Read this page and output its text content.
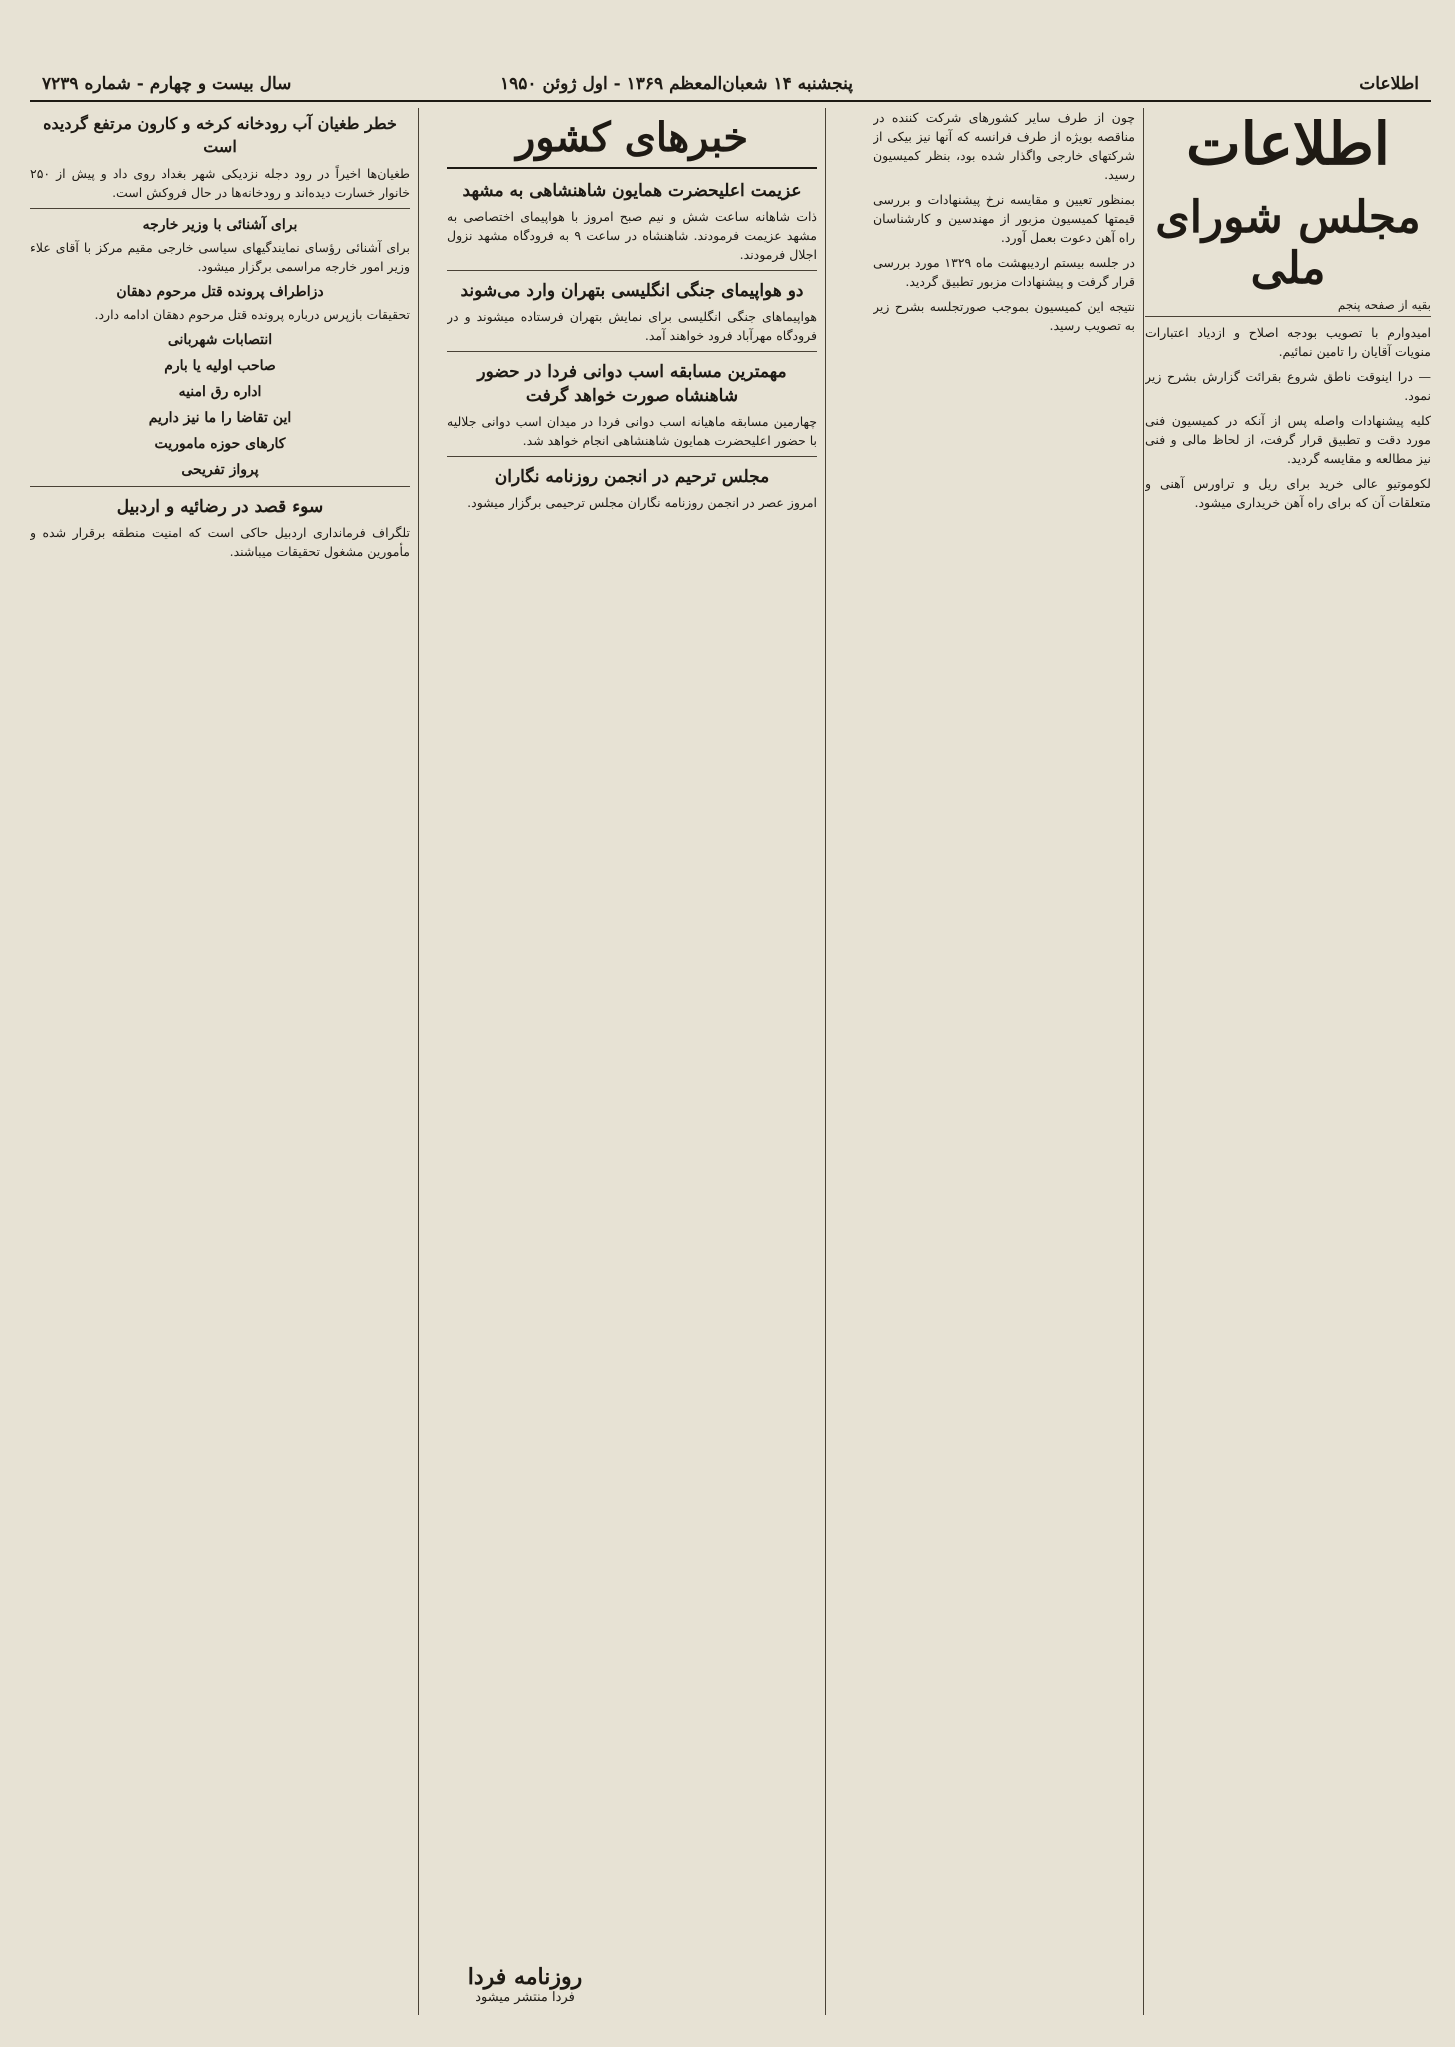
اطلاعات
پنجشنبه ۱۴ شعبان‌المعظم ۱۳۶۹ - اول ژوئن ۱۹۵۰
سال بیست و چهارم - شماره ۷۲۳۹
اطلاعات
مجلس شورای ملی
بقیه از صفحه پنجم

امیدوارم با تصویب بودجه اصلاح و ازدیاد اعتبارات منویات آقایان را تامین نمائیم.

— درا اینوقت ناطق شروع بقرائت گزارش بشرح زیر نمود.

کلیه پیشنهادات واصله پس از آنکه در کمیسیون فنی مورد دقت و تطبیق قرار گرفت، از لحاظ مالی و فنی نیز مطالعه و مقایسه گردید.

لکوموتیو عالی خرید برای ریل و تراورس آهنی و متعلقات آن که برای راه آهن خریداری میشود.

چون از طرف سایر کشورهای شرکت کننده در مناقصه بویژه از طرف فرانسه که آنها نیز بیکی از شرکتهای خارجی واگذار شده بود، بنظر کمیسیون رسید.

بمنظور تعیین و مقایسه نرخ پیشنهادات و بررسی قیمتها کمیسیون مزبور از مهندسین و کارشناسان راه آهن دعوت بعمل آورد.

در جلسه بیستم اردیبهشت ماه ۱۳۲۹ مورد بررسی قرار گرفت و پیشنهادات مزبور تطبیق گردید.

نتیجه این کمیسیون بموجب صورتجلسه بشرح زیر به تصویب رسید.

خبرهای کشور
عزیمت اعلیحضرت همایون شاهنشاهی به مشهد

ذات شاهانه ساعت شش و نیم صبح امروز با هواپیمای اختصاصی به مشهد عزیمت فرمودند. شاهنشاه در ساعت ۹ به فرودگاه مشهد نزول اجلال فرمودند.

دو هواپیمای جنگی انگلیسی بتهران وارد می‌شوند

هواپیماهای جنگی انگلیسی برای نمایش بتهران فرستاده میشوند و در فرودگاه مهرآباد فرود خواهند آمد.

مهمترین مسابقه اسب دوانی فردا در حضور شاهنشاه صورت خواهد گرفت

چهارمین مسابقه ماهیانه اسب دوانی فردا در میدان اسب دوانی جلالیه با حضور اعلیحضرت همایون شاهنشاهی انجام خواهد شد.

مجلس ترحیم در انجمن روزنامه نگاران

امروز عصر در انجمن روزنامه نگاران مجلس ترحیمی برگزار میشود.

روزنامه فردا
فردا منتشر میشود
خطر طغیان آب رودخانه کرخه و کارون مرتفع گردیده است

طغیان‌ها اخیراً در رود دجله نزدیکی شهر بغداد روی داد و پیش از ۲۵۰ خانوار خسارت دیده‌اند و رودخانه‌ها در حال فروکش است.

برای آشنائی با وزیر خارجه

برای آشنائی رؤسای نمایندگیهای سیاسی خارجی مقیم مرکز با آقای علاء وزیر امور خارجه مراسمی برگزار میشود.

دزاطراف پرونده قتل مرحوم دهقان

تحقیقات بازپرس درباره پرونده قتل مرحوم دهقان ادامه دارد.

انتصابات شهربانی
صاحب اولیه یا بارم
اداره رق امنیه
این تقاضا را ما نیز داریم
کارهای حوزه ماموریت
پرواز تفریحی
سوء قصد در رضائیه و اردبیل

تلگراف فرمانداری اردبیل حاکی است که امنیت منطقه برقرار شده و مأمورین مشغول تحقیقات میباشند.
